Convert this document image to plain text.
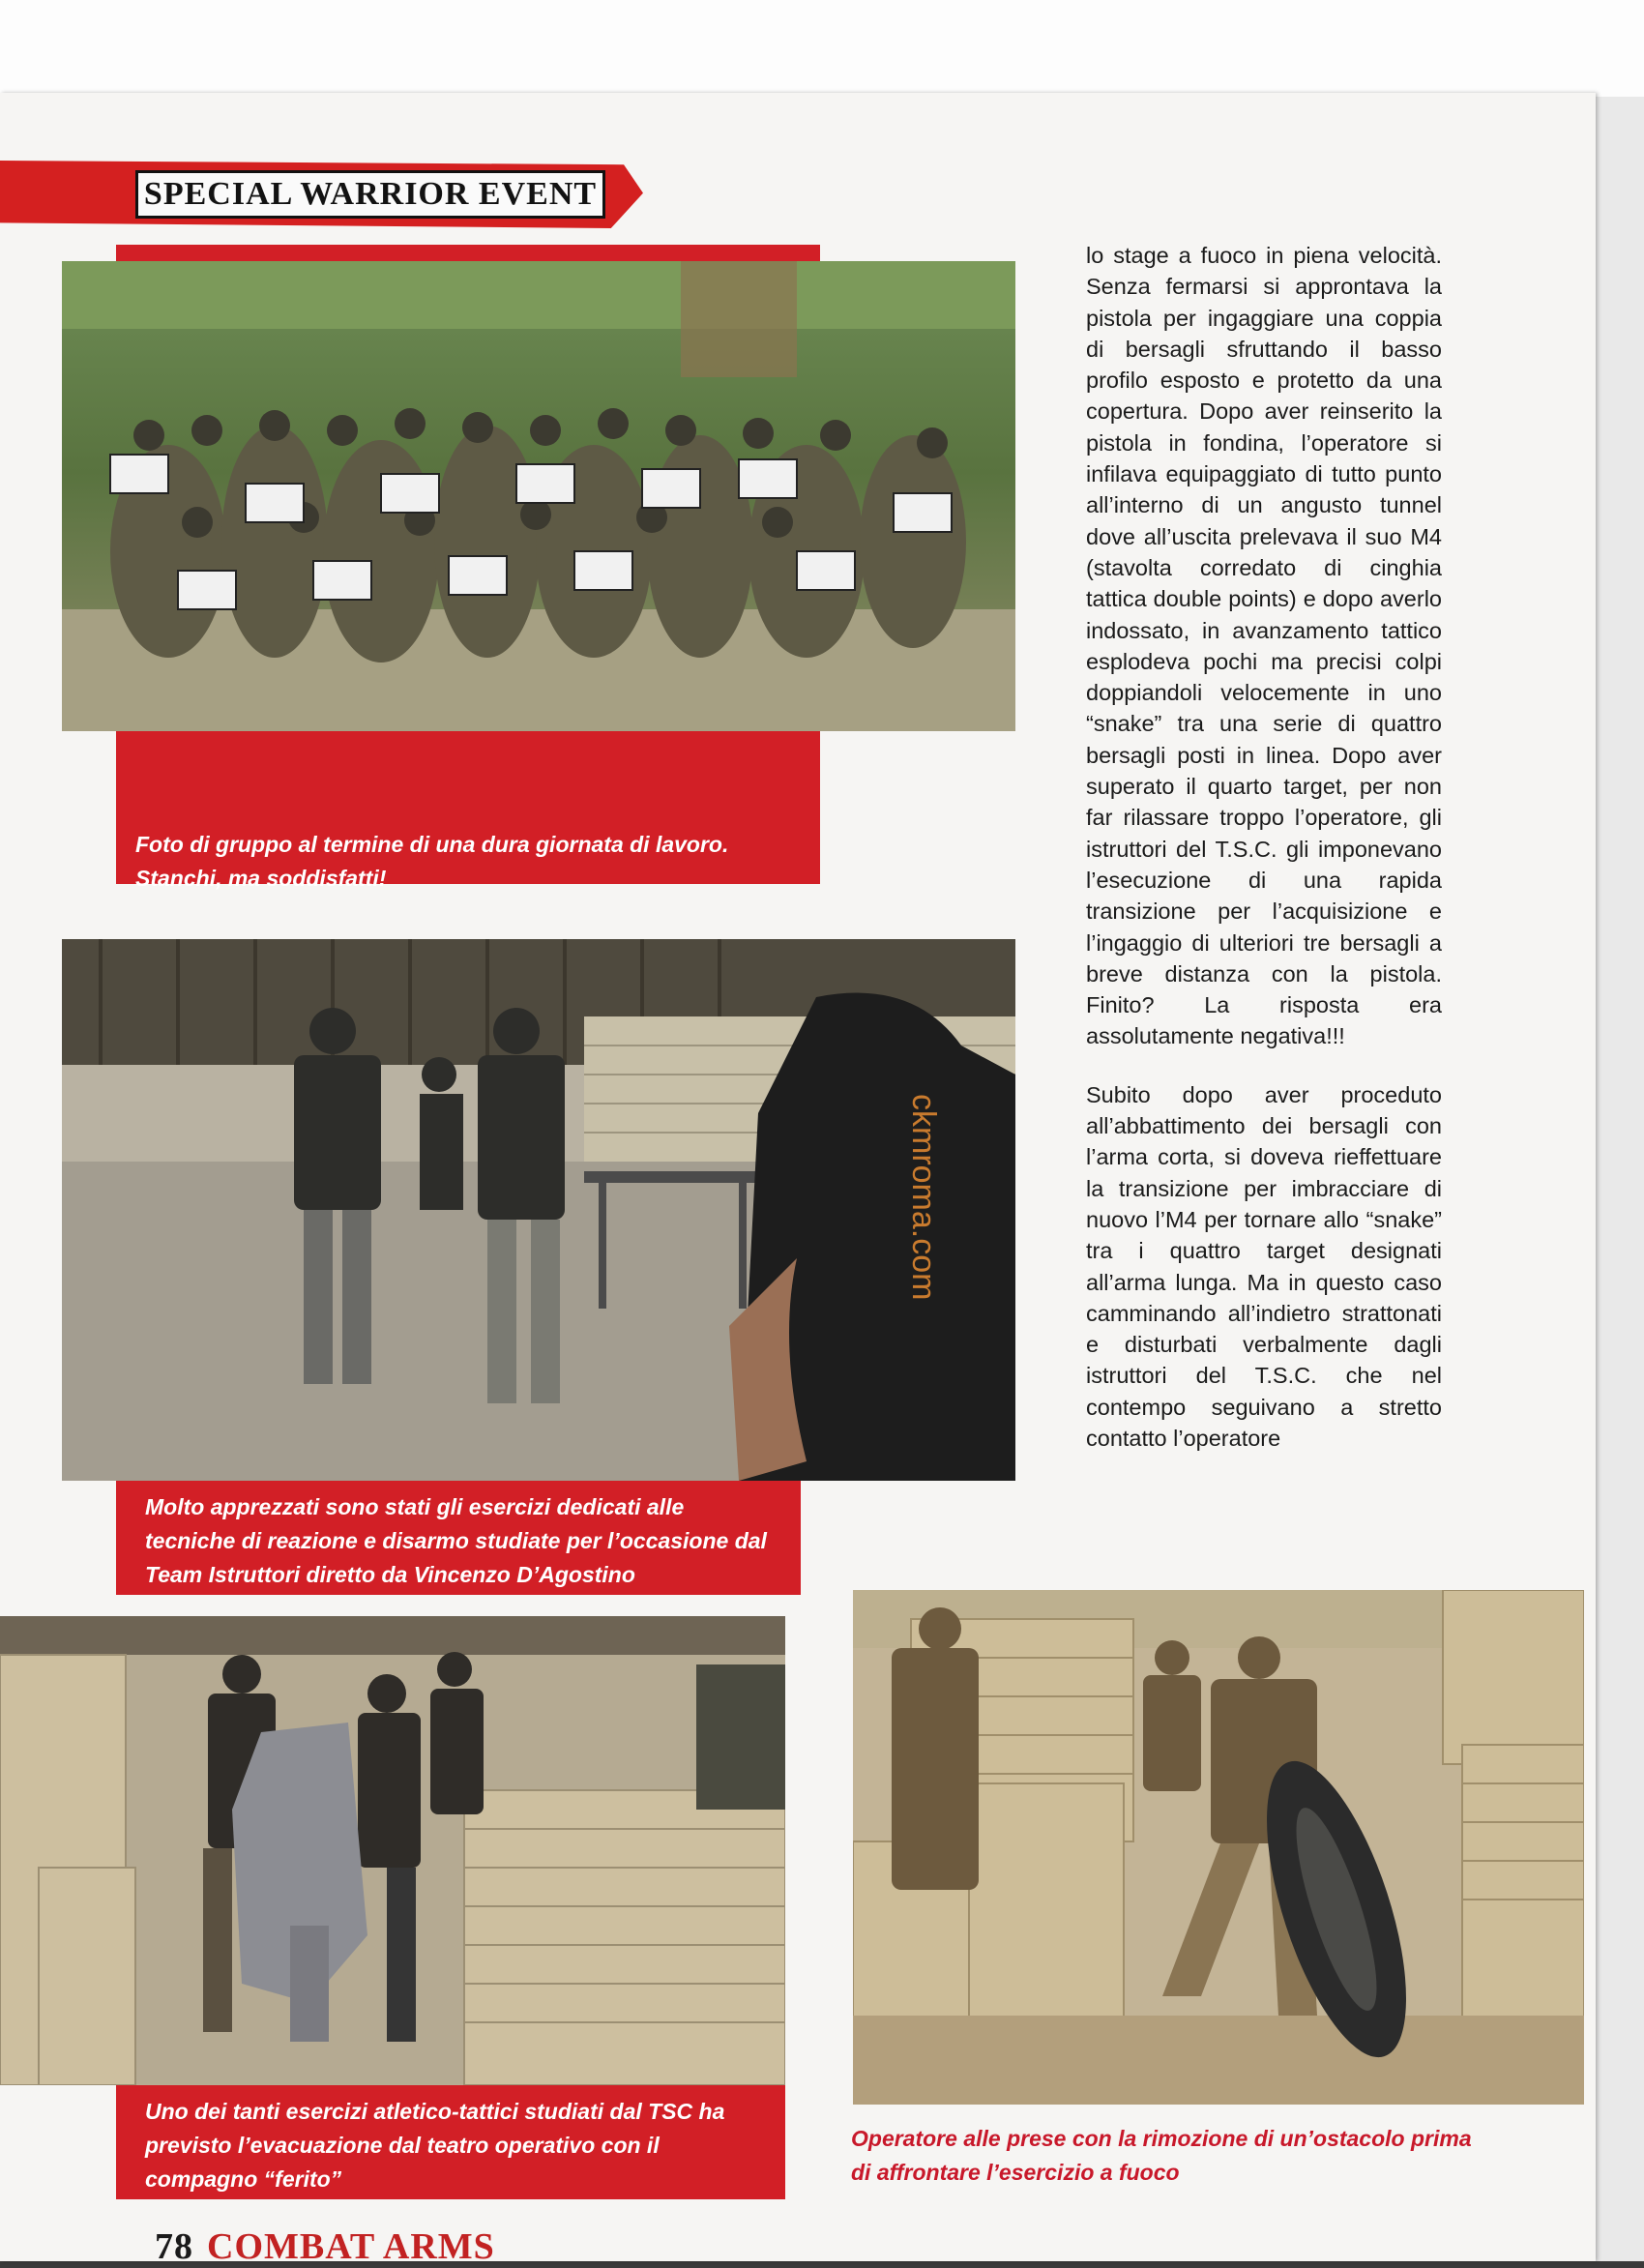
SPECIAL WARRIOR EVENT
Foto di gruppo al termine di una dura giornata di lavoro. Stanchi, ma soddisfatti!
ckmroma.com
Molto apprezzati sono stati gli esercizi dedicati alle tecniche di reazione e disarmo studiate per l’occasione dal Team Istruttori diretto da Vincenzo D’Agostino
Uno dei tanti esercizi atletico-tattici studiati dal TSC ha previsto l’evacuazione dal teatro operativo con il compagno “ferito”
Operatore alle prese con la rimozione di un’ostacolo prima di affrontare l’esercizio a fuoco

lo stage a fuoco in piena velocità. Senza fermarsi si approntava la pistola per ingaggiare una coppia di bersagli sfruttando il basso profilo esposto e protetto da una copertura. Dopo aver reinserito la pistola in fondina, l’operatore si infilava equipaggiato di tutto punto all’interno di un angusto tunnel dove all’uscita prelevava il suo M4 (stavolta corredato di cinghia tattica double points) e dopo averlo indossato, in avanzamento tattico esplodeva pochi ma precisi colpi doppiandoli velocemente in uno “snake” tra una serie di quattro bersagli posti in linea. Dopo aver superato il quarto target, per non far rilassare troppo l’operatore, gli istruttori del T.S.C. gli imponevano l’esecuzione di una rapida transizione per l’acquisizione e l’ingaggio di ulteriori tre bersagli a breve distanza con la pistola. Finito? La risposta era assolutamente negativa!!!

Subito dopo aver proceduto all’abbattimento dei bersagli con l’arma corta, si doveva rieffettuare la transizione per imbracciare di nuovo l’M4 per tornare allo “snake” tra i quattro target designati all’arma lunga. Ma in questo caso camminando all’indietro strattonati e disturbati verbalmente dagli istruttori del T.S.C. che nel contempo seguivano a stretto contatto l’operatore

78 COMBAT ARMS
